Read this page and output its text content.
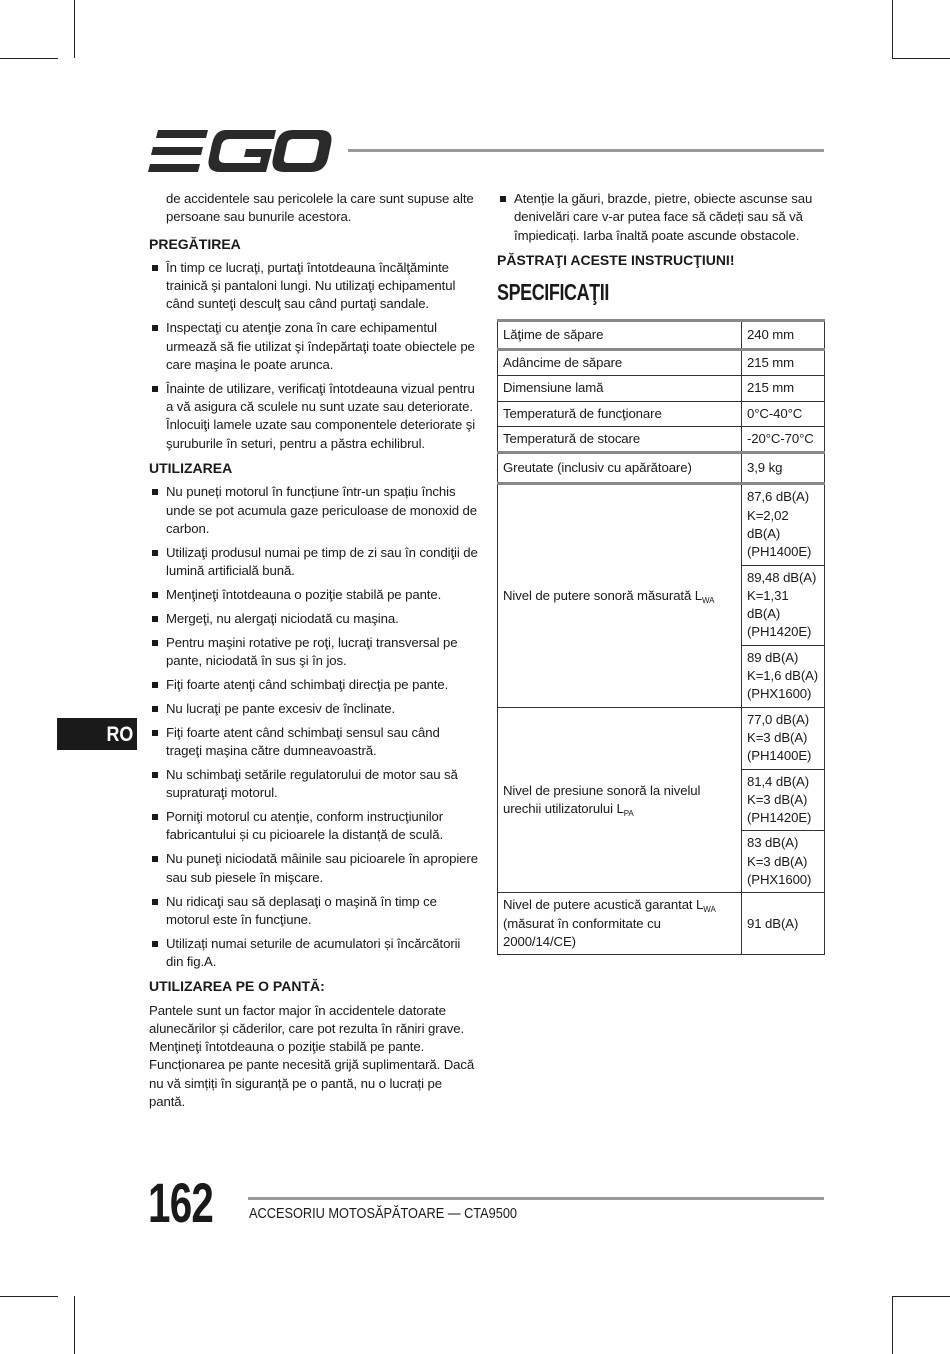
de accidentele sau pericolele la care sunt supuse alte persoane sau bunurile acestora.

PREGĂTIREA
În timp ce lucraţi, purtaţi întotdeauna încălţăminte trainică şi pantaloni lungi. Nu utilizaţi echipamentul când sunteţi desculţ sau când purtaţi sandale.
Inspectaţi cu atenţie zona în care echipamentul urmează să fie utilizat şi îndepărtaţi toate obiectele pe care maşina le poate arunca.
Înainte de utilizare, verificaţi întotdeauna vizual pentru a vă asigura că sculele nu sunt uzate sau deteriorate. Înlocuiţi lamele uzate sau componentele deteriorate şi şuruburile în seturi, pentru a păstra echilibrul.
UTILIZAREA
Nu puneți motorul în funcțiune într-un spațiu închis unde se pot acumula gaze periculoase de monoxid de carbon.
Utilizaţi produsul numai pe timp de zi sau în condiţii de lumină artificială bună.
Menţineţi întotdeauna o poziţie stabilă pe pante.
Mergeţi, nu alergaţi niciodată cu maşina.
Pentru maşini rotative pe roţi, lucraţi transversal pe pante, niciodată în sus şi în jos.
Fiţi foarte atenţi când schimbaţi direcţia pe pante.
Nu lucraţi pe pante excesiv de înclinate.
Fiţi foarte atent când schimbaţi sensul sau când trageţi maşina către dumneavoastră.
Nu schimbaţi setările regulatorului de motor sau să supraturaţi motorul.
Porniţi motorul cu atenţie, conform instrucţiunilor fabricantului și cu picioarele la distanță de sculă.
Nu puneţi niciodată mâinile sau picioarele în apropiere sau sub piesele în mişcare.
Nu ridicaţi sau să deplasaţi o maşină în timp ce motorul este în funcţiune.
Utilizați numai seturile de acumulatori și încărcătorii din fig.A.
UTILIZAREA PE O PANTĂ:

Pantele sunt un factor major în accidentele datorate alunecărilor și căderilor, care pot rezulta în răniri grave. Menţineţi întotdeauna o poziţie stabilă pe pante. Funcționarea pe pante necesită grijă suplimentară. Dacă nu vă simțiți în siguranță pe o pantă, nu o lucrați pe pantă.

Atenție la găuri, brazde, pietre, obiecte ascunse sau denivelări care v-ar putea face să cădeți sau să vă împiedicați. Iarba înaltă poate ascunde obstacole.
PĂSTRAŢI ACESTE INSTRUCŢIUNI!
SPECIFICAŢII
Lăţime de săpare	240 mm
Adâncime de săpare	215 mm
Dimensiune lamă	215 mm
Temperatură de funcţionare	0°C-40°C
Temperatură de stocare	-20°C-70°C
Greutate (inclusiv cu apărătoare)	3,9 kg
Nivel de putere sonoră măsurată $L_{WA}$	87,6 dB(A) K=2,02 dB(A) (PH1400E)
	89,48 dB(A) K=1,31 dB(A) (PH1420E)
	89 dB(A) K=1,6 dB(A) (PHX1600)
Nivel de presiune sonoră la nivelul urechii utilizatorului $L_{PA}$	77,0 dB(A) K=3 dB(A) (PH1400E)
	81,4 dB(A) K=3 dB(A) (PH1420E)
	83 dB(A) K=3 dB(A) (PHX1600)
Nivel de putere acustică garantat $L_{WA}$
(măsurat în conformitate cu 2000/14/CE)	91 dB(A)
RO
162 ACCESORIU MOTOSĂPĂTOARE — CTA9500
